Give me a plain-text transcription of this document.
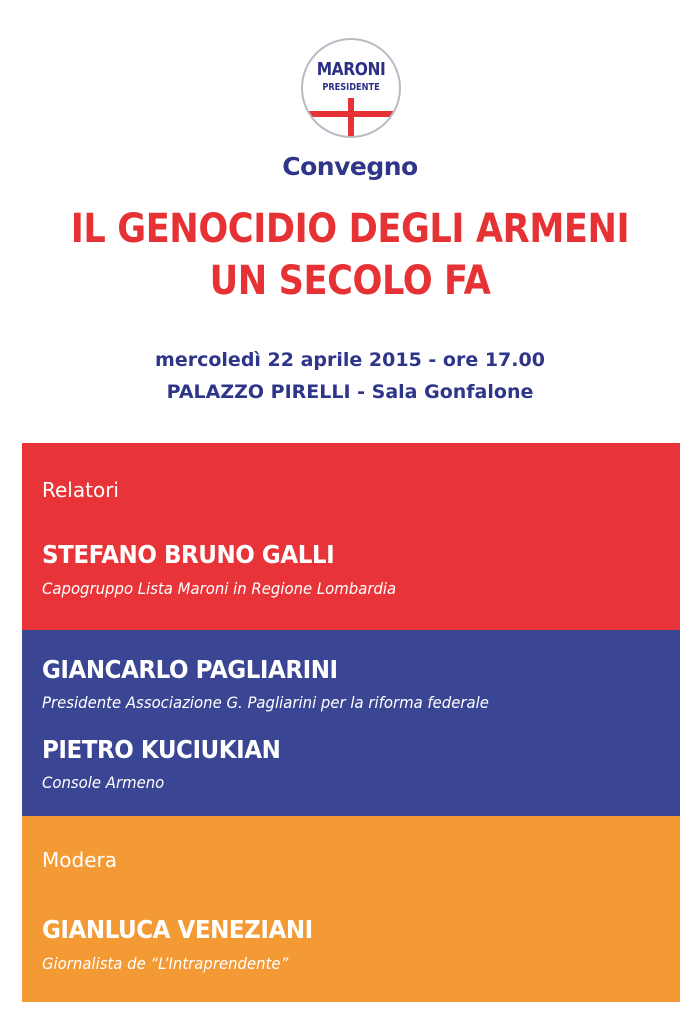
MARONI
PRESIDENTE
Convegno
IL GENOCIDIO DEGLI ARMENI
UN SECOLO FA
mercoledì 22 aprile 2015 - ore 17.00
PALAZZO PIRELLI - Sala Gonfalone
Relatori
STEFANO BRUNO GALLI
Capogruppo Lista Maroni in Regione Lombardia
GIANCARLO PAGLIARINI
Presidente Associazione G. Pagliarini per la riforma federale
PIETRO KUCIUKIAN
Console Armeno
Modera
GIANLUCA VENEZIANI
Giornalista de “L’Intraprendente”
